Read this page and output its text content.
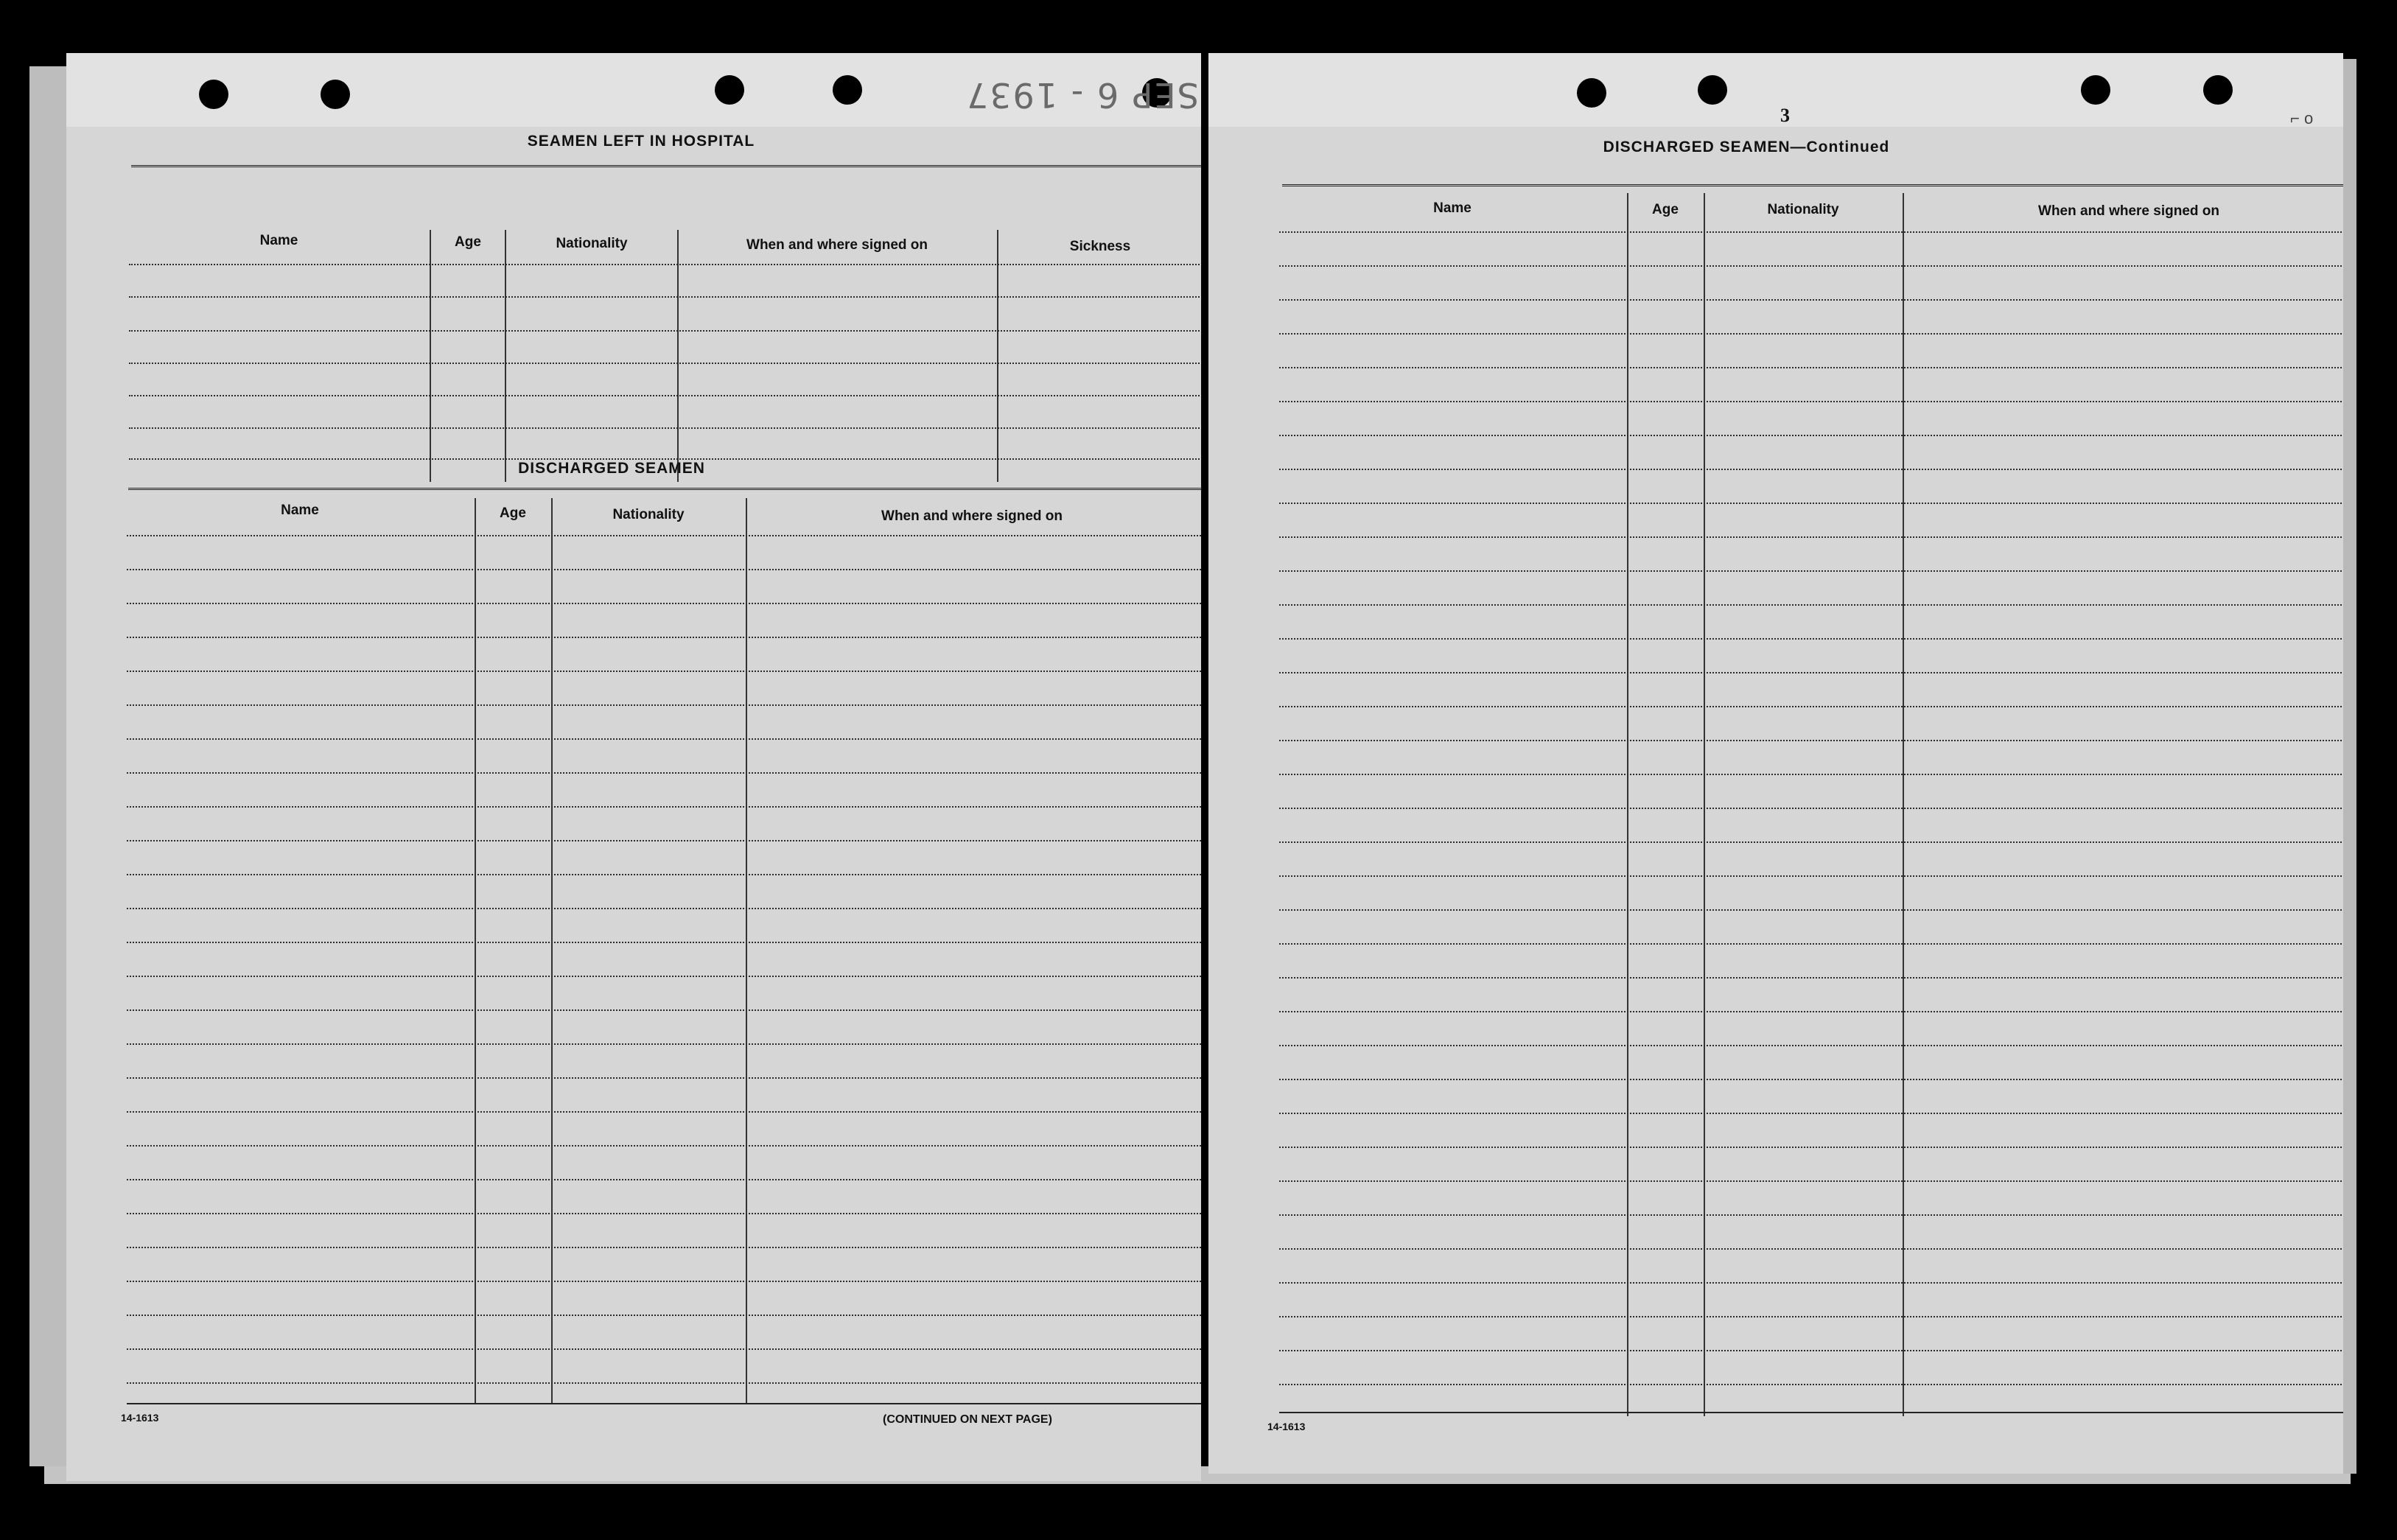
SEP 6 - 1937
SEAMEN LEFT IN HOSPITAL
Name	Age	Nationality	When and where signed on	Sickness
DISCHARGED SEAMEN
Name	Age	Nationality	When and where signed on
14-1613	(CONTINUED ON NEXT PAGE)
⌐ o
3
DISCHARGED SEAMEN—Continued
Name	Age	Nationality	When and where signed on
14-1613
